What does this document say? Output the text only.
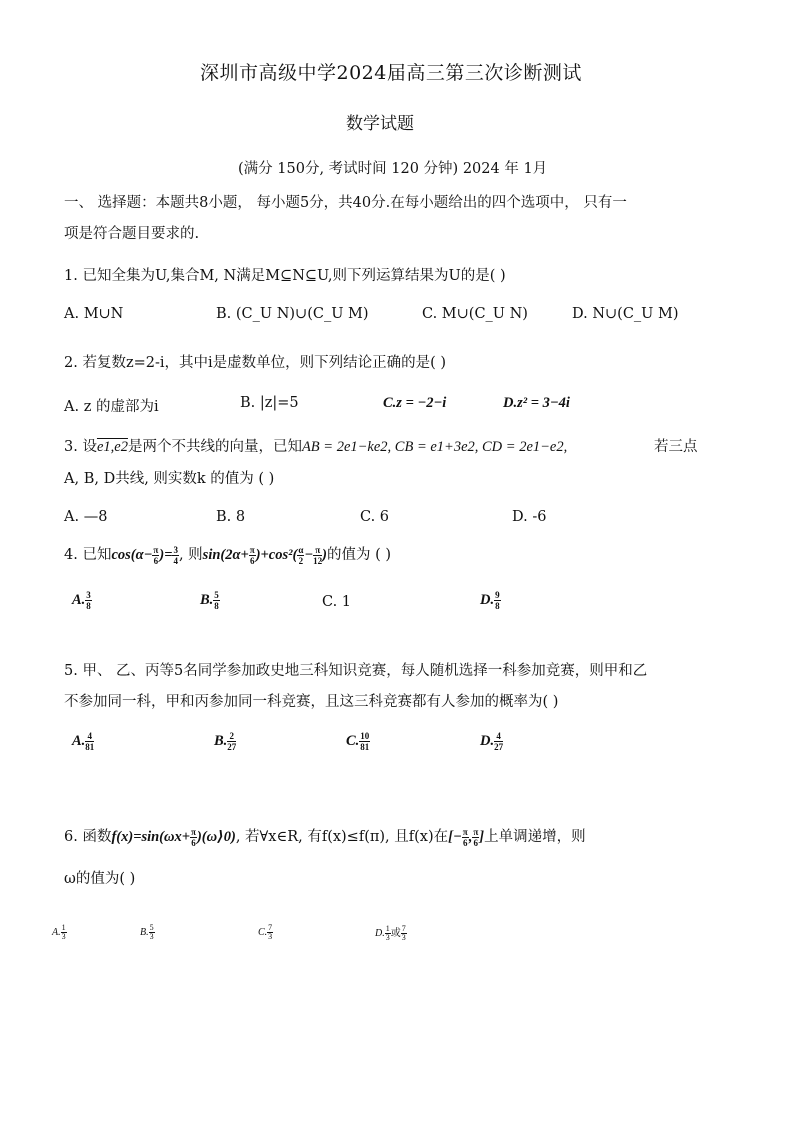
深圳市高级中学2024届高三第三次诊断测试
数学试题
(满分 150分, 考试时间 120 分钟) 2024 年 1月
一、 选择题：本题共8小题， 每小题5分，共40分.在每小题给出的四个选项中， 只有一
项是符合题目要求的.
1. 已知全集为U,集合M, N满足M⊆N⊆U,则下列运算结果为U的是( )
A. M∪N	B. (C_U N)∪(C_U M)	C. M∪(C_U N)	D. N∪(C_U M)
2. 若复数z=2-i，其中i是虚数单位，则下列结论正确的是( )
A. z 的虚部为i	B. |z|=5	C.z = −2−i	D.z² = 3−4i
3. 设e1,e2是两个不共线的向量，已知AB = 2e1−ke2, CB = e1+3e2, CD = 2e1−e2,	若三点
A, B, D共线, 则实数k 的值为 ( )
A. —8	B. 8	C. 6	D. -6
4. 已知$\cos(\alpha- \frac{\pi}{6}$ )= $\frac{3}{4}$ , 则$\sin(2\alpha+ \frac{\pi}{6} )+\cos^2( \frac{\alpha}{2} - \frac{\pi}{12}$ )的值为 ( )
A. $\frac{3}{8}$	B. $\frac{5}{8}$	C. 1	D. $\frac{9}{8}$
5. 甲、 乙、丙等5名同学参加政史地三科知识竞赛，每人随机选择一科参加竞赛，则甲和乙
不参加同一科，甲和丙参加同一科竞赛，且这三科竞赛都有人参加的概率为( )
A. $\frac{4}{81}$	B. $\frac{2}{27}$	C. $\frac{10}{81}$	D. $\frac{4}{27}$
6. 函数$f(x)=\sin(\omega x+ \frac{\pi}{6}$ )(ω⟩0), 若∀x∈R, 有f(x)≤f(π), 且f(x)在[− $\frac{\pi}{6}$ , $\frac{\pi}{6}$ ]上单调递增，则
ω的值为( )
A. $\frac{1}{3}$	B. $\frac{5}{3}$	C. $\frac{7}{3}$	D. $\frac{1}{3}$ 或 $\frac{7}{3}$
